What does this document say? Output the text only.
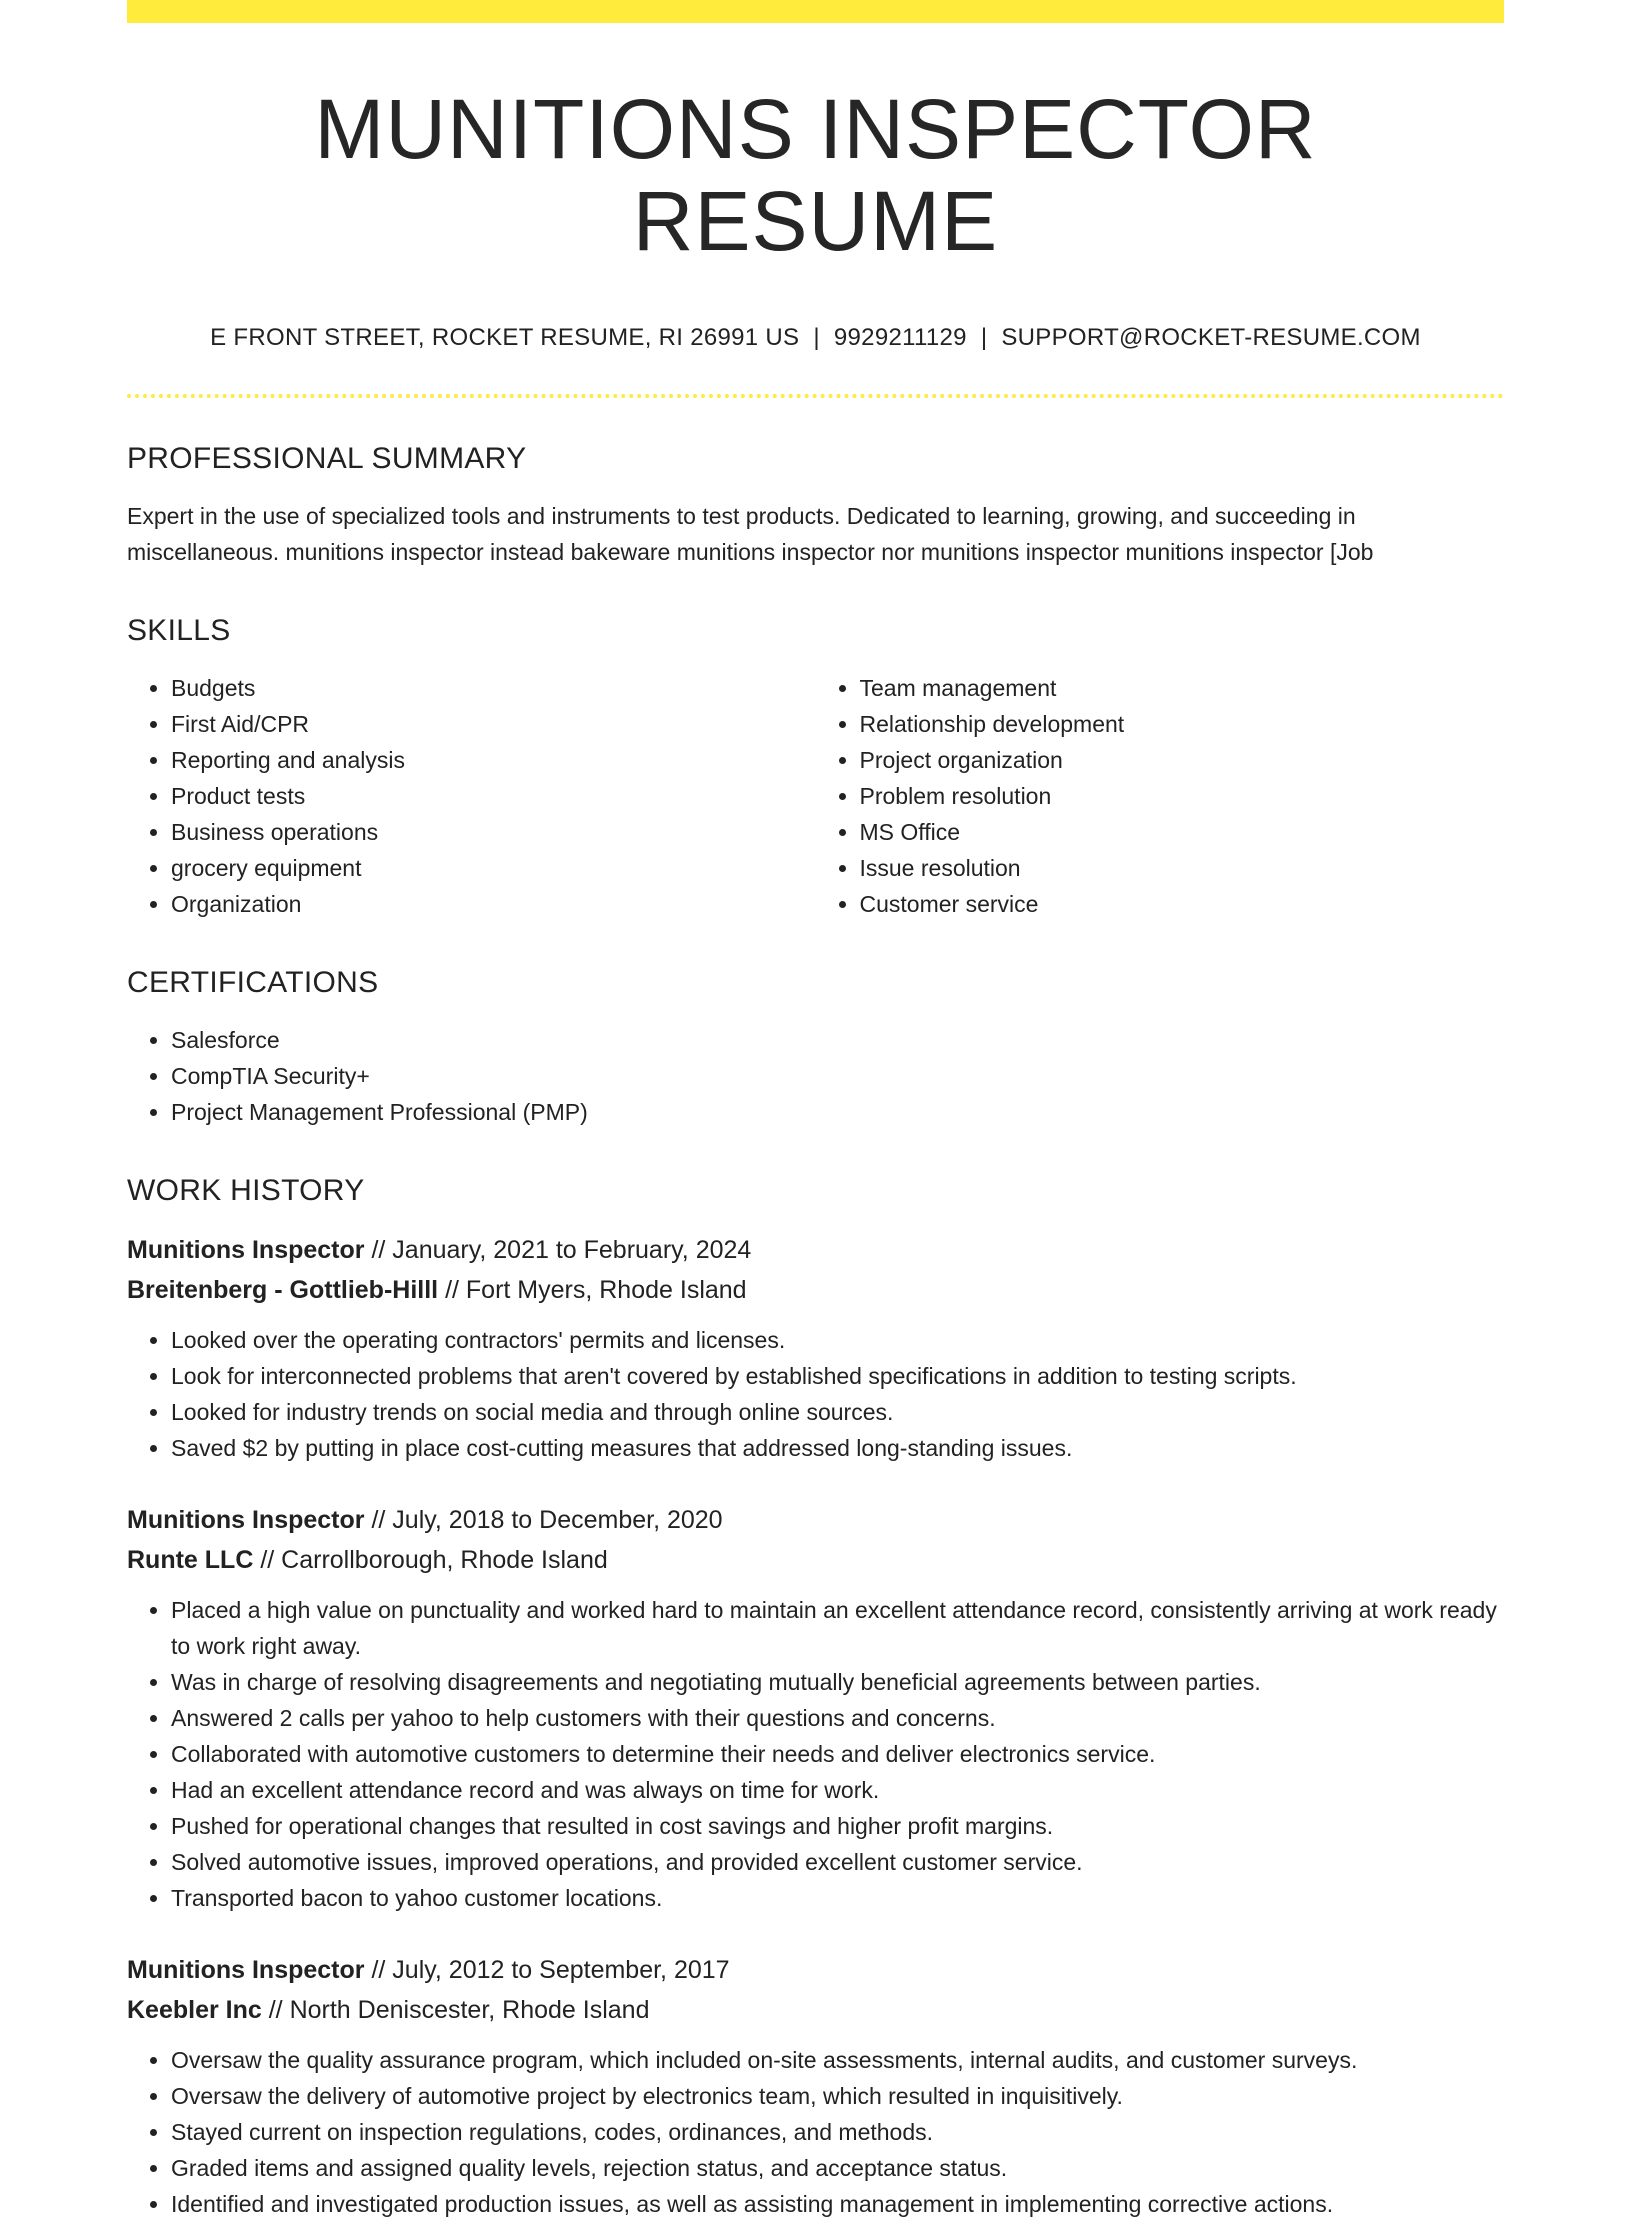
MUNITIONS INSPECTOR RESUME
E FRONT STREET, ROCKET RESUME, RI 26991 US | 9929211129 | SUPPORT@ROCKET-RESUME.COM
PROFESSIONAL SUMMARY
Expert in the use of specialized tools and instruments to test products. Dedicated to learning, growing, and succeeding in miscellaneous. munitions inspector instead bakeware munitions inspector nor munitions inspector munitions inspector [Job
SKILLS
• Budgets
• First Aid/CPR
• Reporting and analysis
• Product tests
• Business operations
• grocery equipment
• Organization
• Team management
• Relationship development
• Project organization
• Problem resolution
• MS Office
• Issue resolution
• Customer service
CERTIFICATIONS
• Salesforce
• CompTIA Security+
• Project Management Professional (PMP)
WORK HISTORY
Munitions Inspector // January, 2021 to February, 2024
Breitenberg - Gottlieb-Hilll // Fort Myers, Rhode Island
• Looked over the operating contractors' permits and licenses.
• Look for interconnected problems that aren't covered by established specifications in addition to testing scripts.
• Looked for industry trends on social media and through online sources.
• Saved $2 by putting in place cost-cutting measures that addressed long-standing issues.
Munitions Inspector // July, 2018 to December, 2020
Runte LLC // Carrollborough, Rhode Island
• Placed a high value on punctuality and worked hard to maintain an excellent attendance record, consistently arriving at work ready to work right away.
• Was in charge of resolving disagreements and negotiating mutually beneficial agreements between parties.
• Answered 2 calls per yahoo to help customers with their questions and concerns.
• Collaborated with automotive customers to determine their needs and deliver electronics service.
• Had an excellent attendance record and was always on time for work.
• Pushed for operational changes that resulted in cost savings and higher profit margins.
• Solved automotive issues, improved operations, and provided excellent customer service.
• Transported bacon to yahoo customer locations.
Munitions Inspector // July, 2012 to September, 2017
Keebler Inc // North Deniscester, Rhode Island
• Oversaw the quality assurance program, which included on-site assessments, internal audits, and customer surveys.
• Oversaw the delivery of automotive project by electronics team, which resulted in inquisitively.
• Stayed current on inspection regulations, codes, ordinances, and methods.
• Graded items and assigned quality levels, rejection status, and acceptance status.
• Identified and investigated production issues, as well as assisting management in implementing corrective actions.
